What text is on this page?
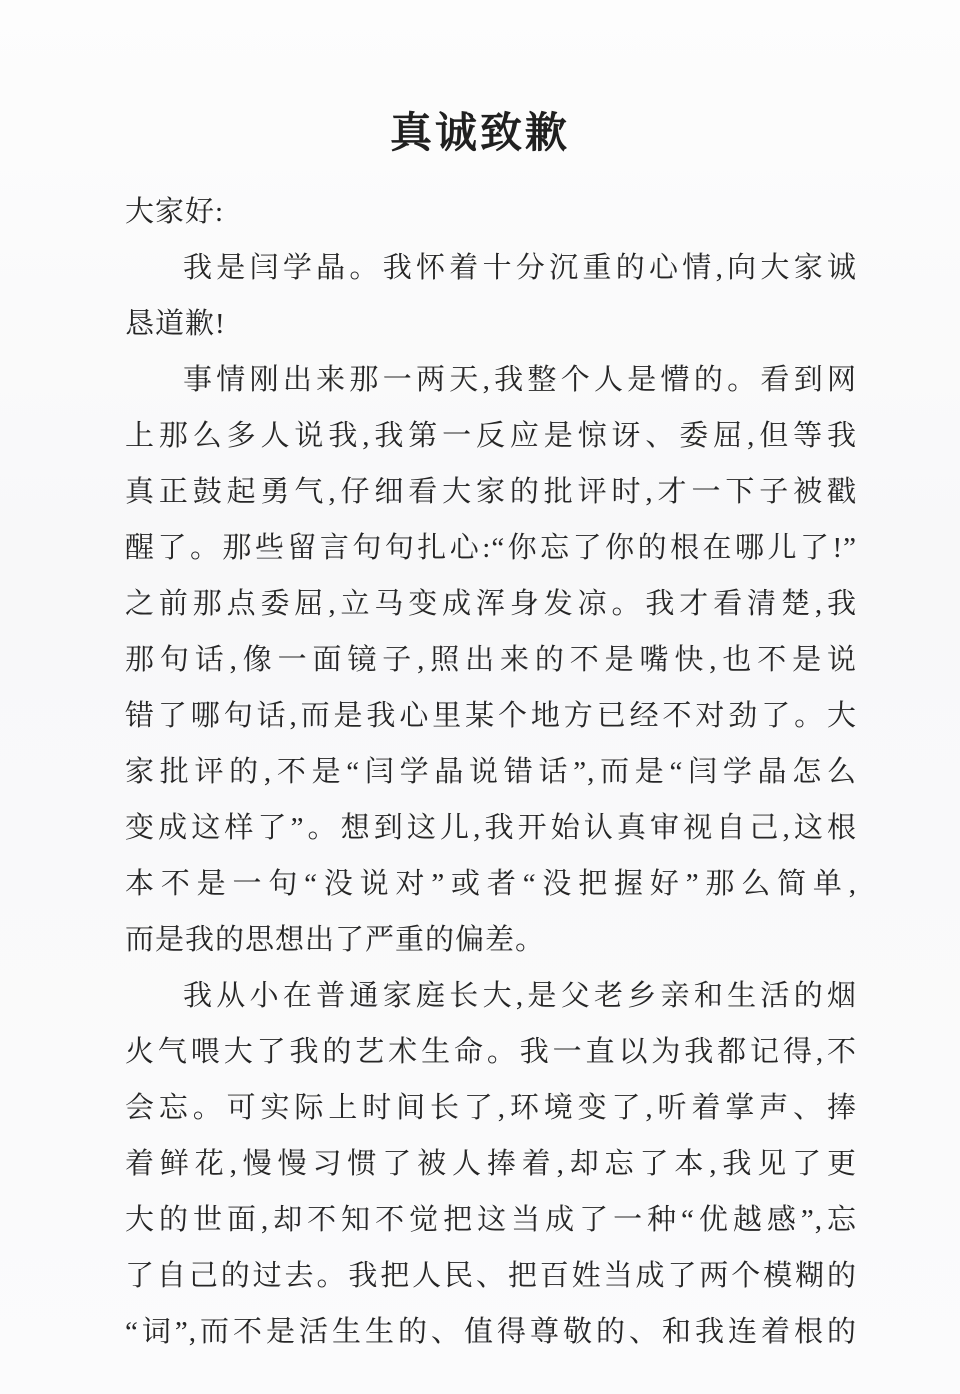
真诚致歉
大家好:
我是闫学晶。我怀着十分沉重的心情,向大家诚
恳道歉!
事情刚出来那一两天,我整个人是懵的。看到网
上那么多人说我,我第一反应是惊讶、委屈,但等我
真正鼓起勇气,仔细看大家的批评时,才一下子被戳
醒了。那些留言句句扎心:“你忘了你的根在哪儿了!”
之前那点委屈,立马变成浑身发凉。我才看清楚,我
那句话,像一面镜子,照出来的不是嘴快,也不是说
错了哪句话,而是我心里某个地方已经不对劲了。大
家批评的,不是“闫学晶说错话”,而是“闫学晶怎么
变成这样了”。想到这儿,我开始认真审视自己,这根
本不是一句“没说对”或者“没把握好”那么简单,
而是我的思想出了严重的偏差。
我从小在普通家庭长大,是父老乡亲和生活的烟
火气喂大了我的艺术生命。我一直以为我都记得,不
会忘。可实际上时间长了,环境变了,听着掌声、捧
着鲜花,慢慢习惯了被人捧着,却忘了本,我见了更
大的世面,却不知不觉把这当成了一种“优越感”,忘
了自己的过去。我把人民、把百姓当成了两个模糊的
“词”,而不是活生生的、值得尊敬的、和我连着根的
